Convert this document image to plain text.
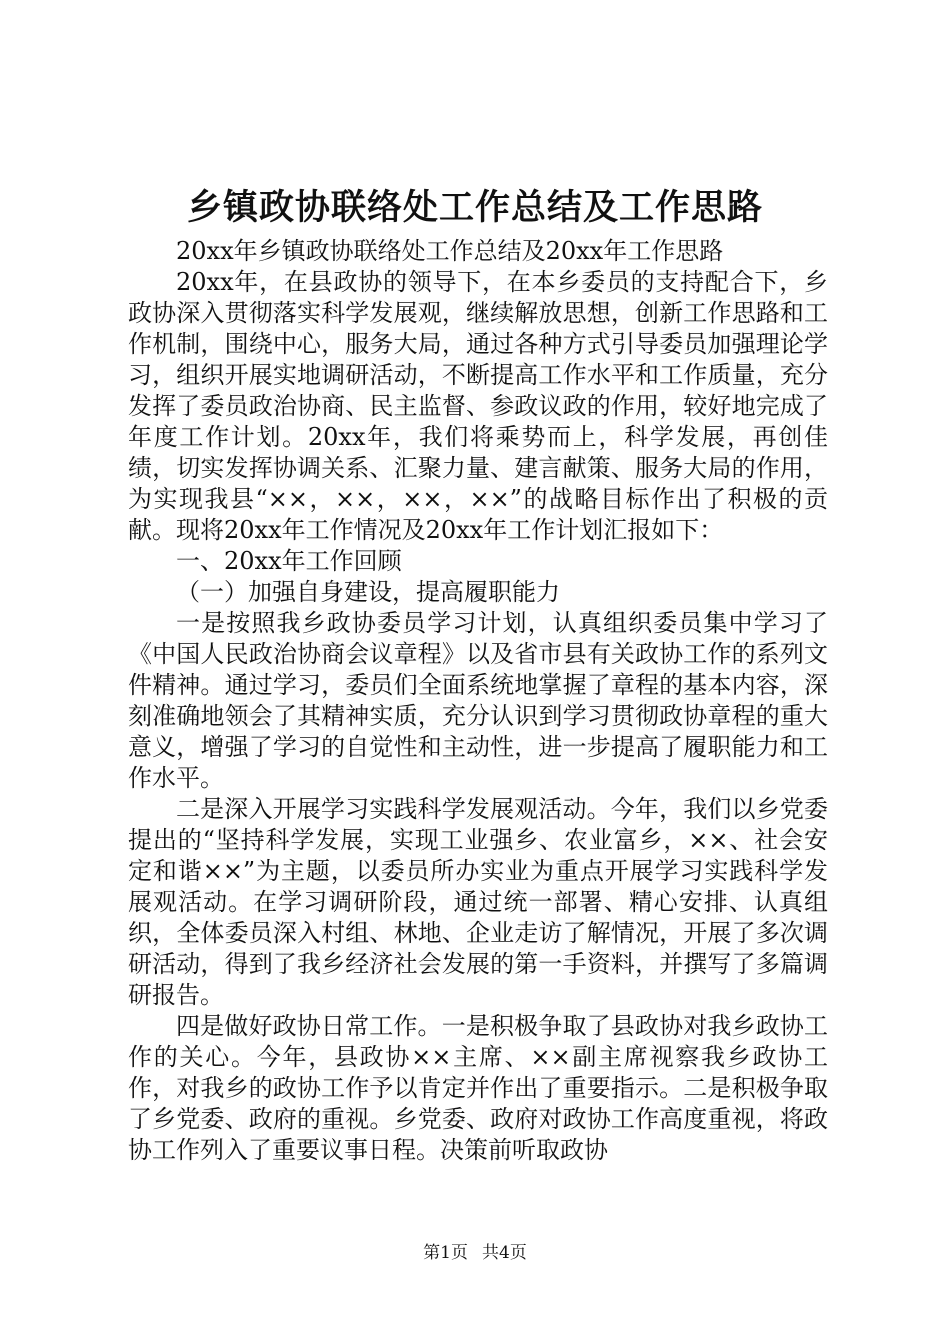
乡镇政协联络处工作总结及工作思路

20xx年乡镇政协联络处工作总结及20xx年工作思路

20xx年，在县政协的领导下，在本乡委员的支持配合下，乡政协深入贯彻落实科学发展观，继续解放思想，创新工作思路和工作机制，围绕中心，服务大局，通过各种方式引导委员加强理论学习，组织开展实地调研活动，不断提高工作水平和工作质量，充分发挥了委员政治协商、民主监督、参政议政的作用，较好地完成了年度工作计划。20xx年，我们将乘势而上，科学发展，再创佳绩，切实发挥协调关系、汇聚力量、建言献策、服务大局的作用，为实现我县“××，××，××，××”的战略目标作出了积极的贡献。现将20xx年工作情况及20xx年工作计划汇报如下：

一、20xx年工作回顾

（一）加强自身建设，提高履职能力

一是按照我乡政协委员学习计划，认真组织委员集中学习了《中国人民政治协商会议章程》以及省市县有关政协工作的系列文件精神。通过学习，委员们全面系统地掌握了章程的基本内容，深刻准确地领会了其精神实质，充分认识到学习贯彻政协章程的重大意义，增强了学习的自觉性和主动性，进一步提高了履职能力和工作水平。

二是深入开展学习实践科学发展观活动。今年，我们以乡党委提出的“坚持科学发展，实现工业强乡、农业富乡，××、社会安定和谐××”为主题，以委员所办实业为重点开展学习实践科学发展观活动。在学习调研阶段，通过统一部署、精心安排、认真组织，全体委员深入村组、林地、企业走访了解情况，开展了多次调研活动，得到了我乡经济社会发展的第一手资料，并撰写了多篇调研报告。

四是做好政协日常工作。一是积极争取了县政协对我乡政协工作的关心。今年，县政协××主席、××副主席视察我乡政协工作，对我乡的政协工作予以肯定并作出了重要指示。二是积极争取了乡党委、政府的重视。乡党委、政府对政协工作高度重视，将政协工作列入了重要议事日程。决策前听取政协

第1页 共4页
